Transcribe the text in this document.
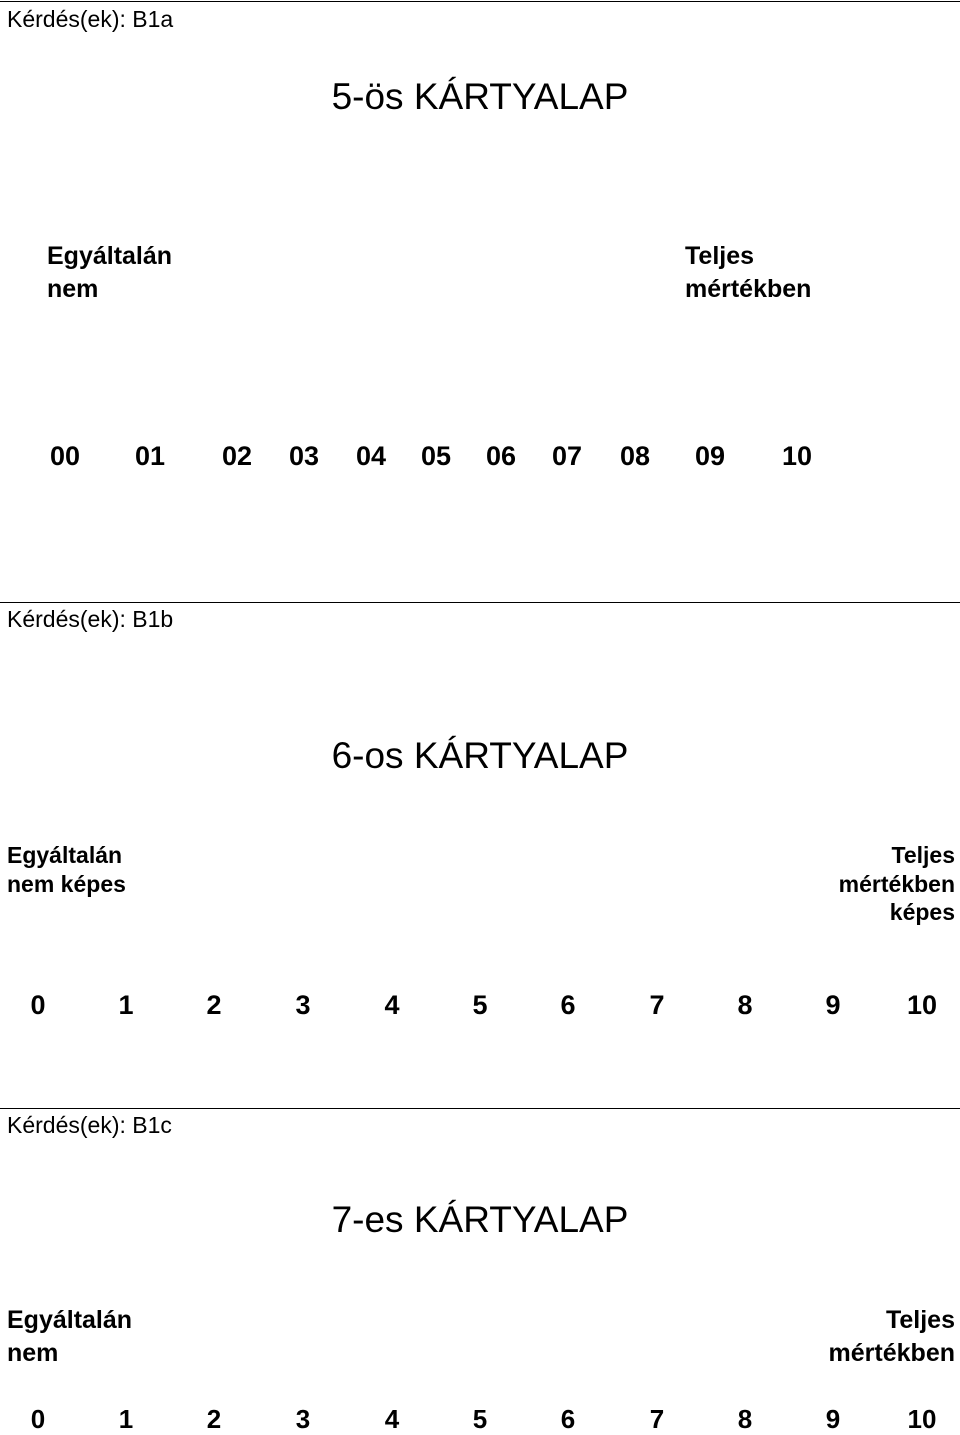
Kérdés(ek): B1a
5-ös KÁRTYALAP
Egyáltalán
nem
Teljes
mértékben
00 01 02 03 04 05 06 07 08 09 10
Kérdés(ek): B1b
6-os KÁRTYALAP
Egyáltalán
nem képes
Teljes
mértékben
képes
0	1	2	3	4	5	6	7	8	9	10
Kérdés(ek): B1c
7-es KÁRTYALAP
Egyáltalán
nem
Teljes
mértékben
0	1	2	3	4	5	6	7	8	9	10
